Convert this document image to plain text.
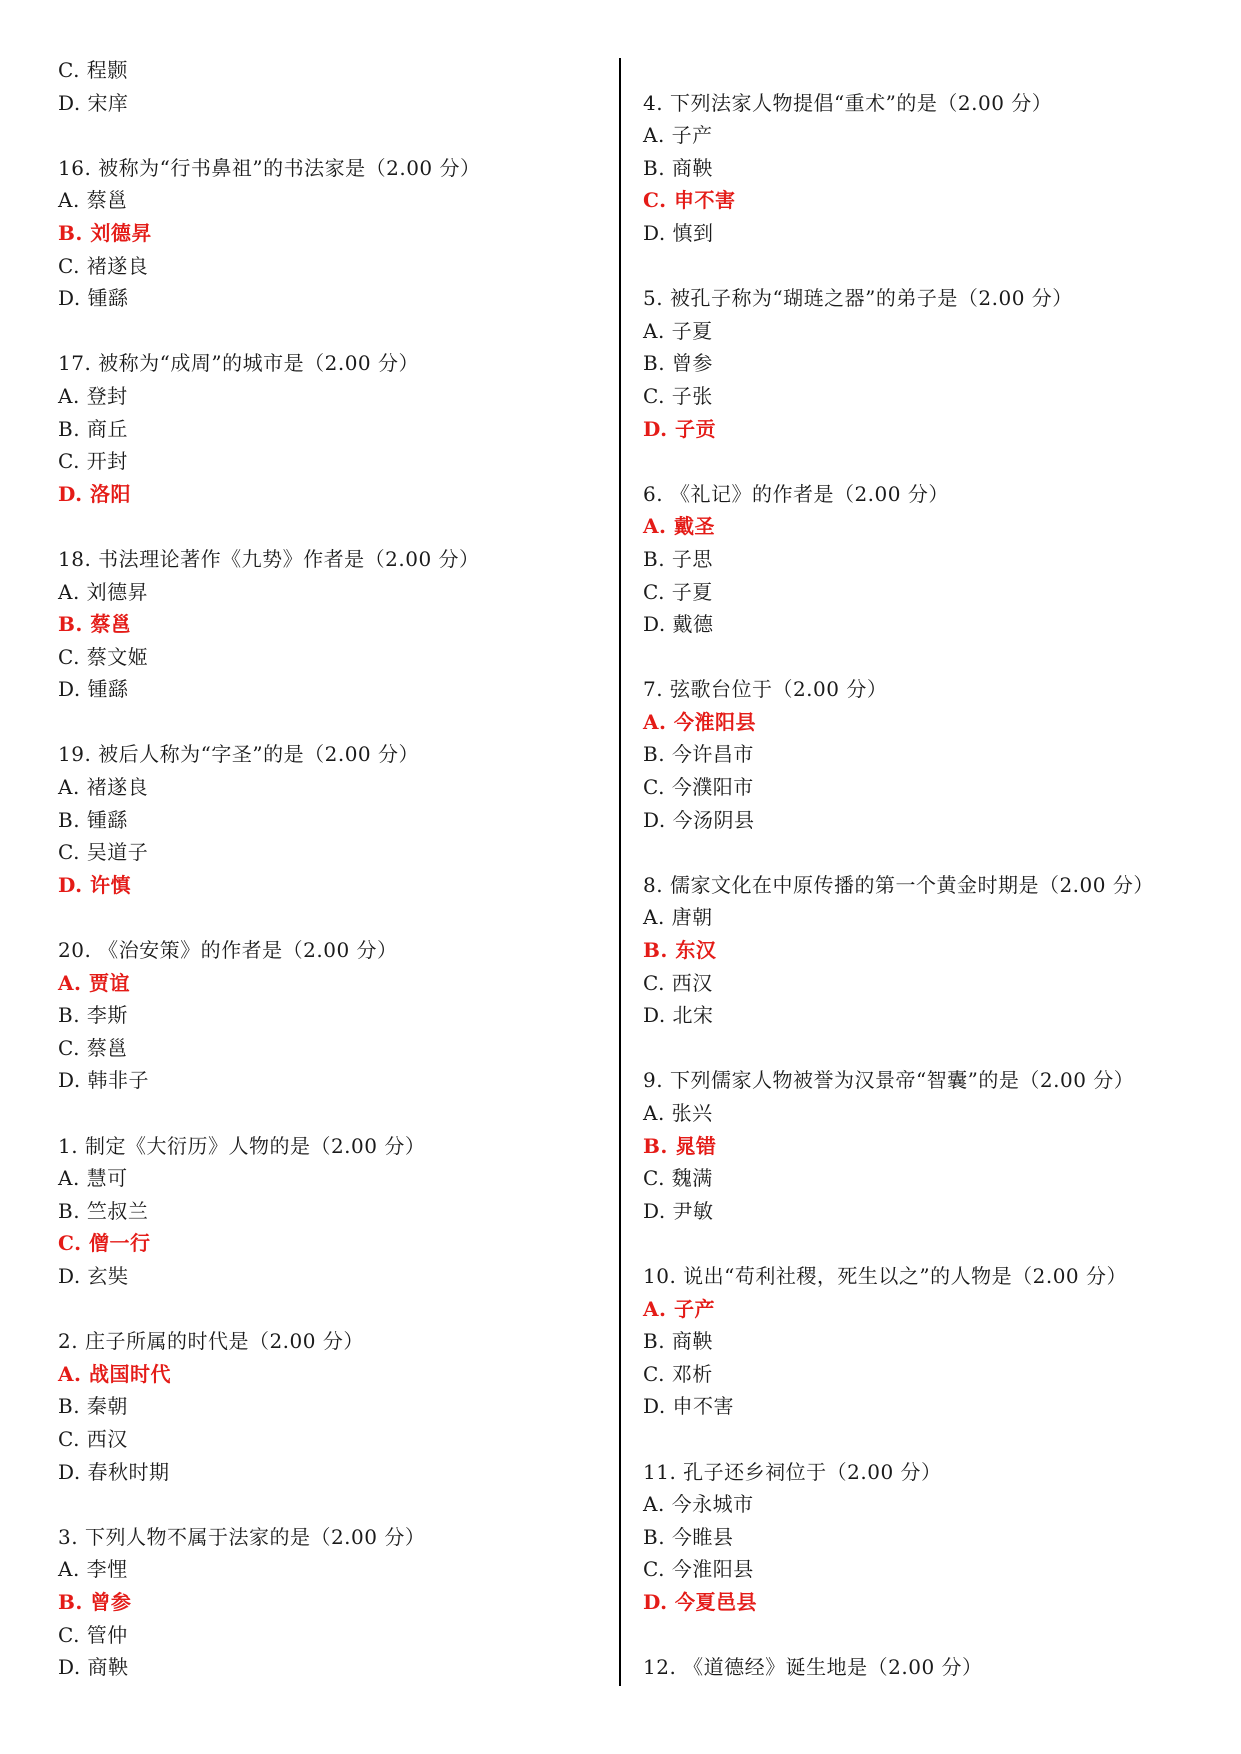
C. 程颢
D. 宋庠
16. 被称为“行书鼻祖”的书法家是（2.00 分）
A. 蔡邕
B. 刘德昇
C. 褚遂良
D. 锺繇
17. 被称为“成周”的城市是（2.00 分）
A. 登封
B. 商丘
C. 开封
D. 洛阳
18. 书法理论著作《九势》作者是（2.00 分）
A. 刘德昇
B. 蔡邕
C. 蔡文姬
D. 锺繇
19. 被后人称为“字圣”的是（2.00 分）
A. 褚遂良
B. 锺繇
C. 吴道子
D. 许慎
20. 《治安策》的作者是（2.00 分）
A. 贾谊
B. 李斯
C. 蔡邕
D. 韩非子
1. 制定《大衍历》人物的是（2.00 分）
A. 慧可
B. 竺叔兰
C. 僧一行
D. 玄奘
2. 庄子所属的时代是（2.00 分）
A. 战国时代
B. 秦朝
C. 西汉
D. 春秋时期
3. 下列人物不属于法家的是（2.00 分）
A. 李悝
B. 曾参
C. 管仲
D. 商鞅
4. 下列法家人物提倡“重术”的是（2.00 分）
A. 子产
B. 商鞅
C. 申不害
D. 慎到
5. 被孔子称为“瑚琏之器”的弟子是（2.00 分）
A. 子夏
B. 曾参
C. 子张
D. 子贡
6. 《礼记》的作者是（2.00 分）
A. 戴圣
B. 子思
C. 子夏
D. 戴德
7. 弦歌台位于（2.00 分）
A. 今淮阳县
B. 今许昌市
C. 今濮阳市
D. 今汤阴县
8. 儒家文化在中原传播的第一个黄金时期是（2.00 分）
A. 唐朝
B. 东汉
C. 西汉
D. 北宋
9. 下列儒家人物被誉为汉景帝“智囊”的是（2.00 分）
A. 张兴
B. 晁错
C. 魏满
D. 尹敏
10. 说出“苟利社稷，死生以之”的人物是（2.00 分）
A. 子产
B. 商鞅
C. 邓析
D. 申不害
11. 孔子还乡祠位于（2.00 分）
A. 今永城市
B. 今睢县
C. 今淮阳县
D. 今夏邑县
12. 《道德经》诞生地是（2.00 分）
